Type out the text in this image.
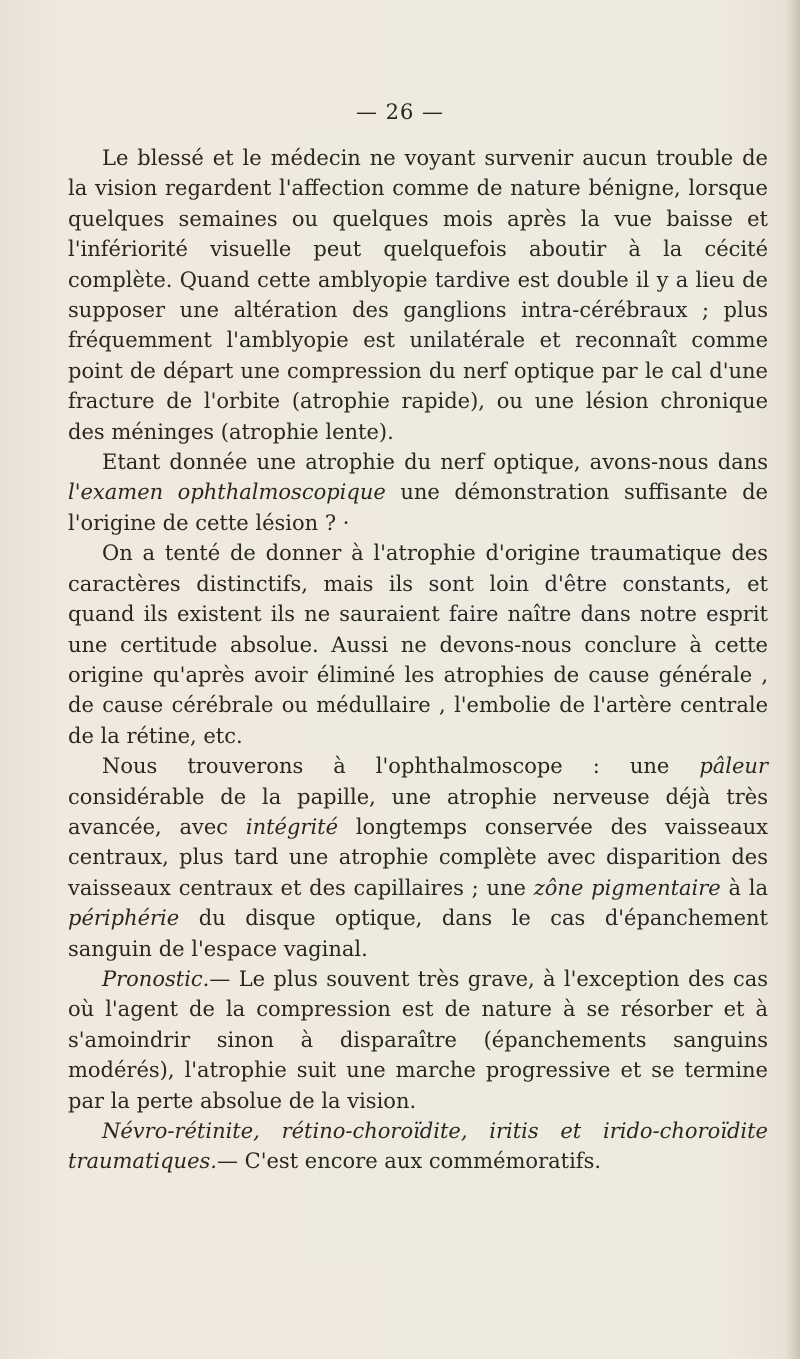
— 26 —

Le blessé et le médecin ne voyant survenir aucun trouble de la vision regardent l'affection comme de nature bénigne, lorsque quelques semaines ou quelques mois après la vue baisse et l'infériorité visuelle peut quelquefois aboutir à la cécité complète. Quand cette amblyopie tardive est double il y a lieu de supposer une altération des ganglions intra-cérébraux ; plus fréquemment l'amblyopie est unilatérale et reconnaît comme point de départ une compression du nerf optique par le cal d'une fracture de l'orbite (atrophie rapide), ou une lésion chronique des méninges (atrophie lente).

Etant donnée une atrophie du nerf optique, avons-nous dans l'examen ophthalmoscopique une démonstration suffisante de l'origine de cette lésion ? ·

On a tenté de donner à l'atrophie d'origine traumatique des caractères distinctifs, mais ils sont loin d'être constants, et quand ils existent ils ne sauraient faire naître dans notre esprit une certitude absolue. Aussi ne devons-nous conclure à cette origine qu'après avoir éliminé les atrophies de cause générale , de cause cérébrale ou médullaire , l'embolie de l'artère centrale de la rétine, etc.

Nous trouverons à l'ophthalmoscope : une pâleur considérable de la papille, une atrophie nerveuse déjà très avancée, avec intégrité longtemps conservée des vaisseaux centraux, plus tard une atrophie complète avec disparition des vaisseaux centraux et des capillaires ; une zône pigmentaire à la périphérie du disque optique, dans le cas d'épanchement sanguin de l'espace vaginal.

Pronostic.— Le plus souvent très grave, à l'exception des cas où l'agent de la compression est de nature à se résorber et à s'amoindrir sinon à disparaître (épanchements sanguins modérés), l'atrophie suit une marche progressive et se termine par la perte absolue de la vision.

Névro-rétinite, rétino-choroïdite, iritis et irido-choroïdite traumatiques.— C'est encore aux commémoratifs.
